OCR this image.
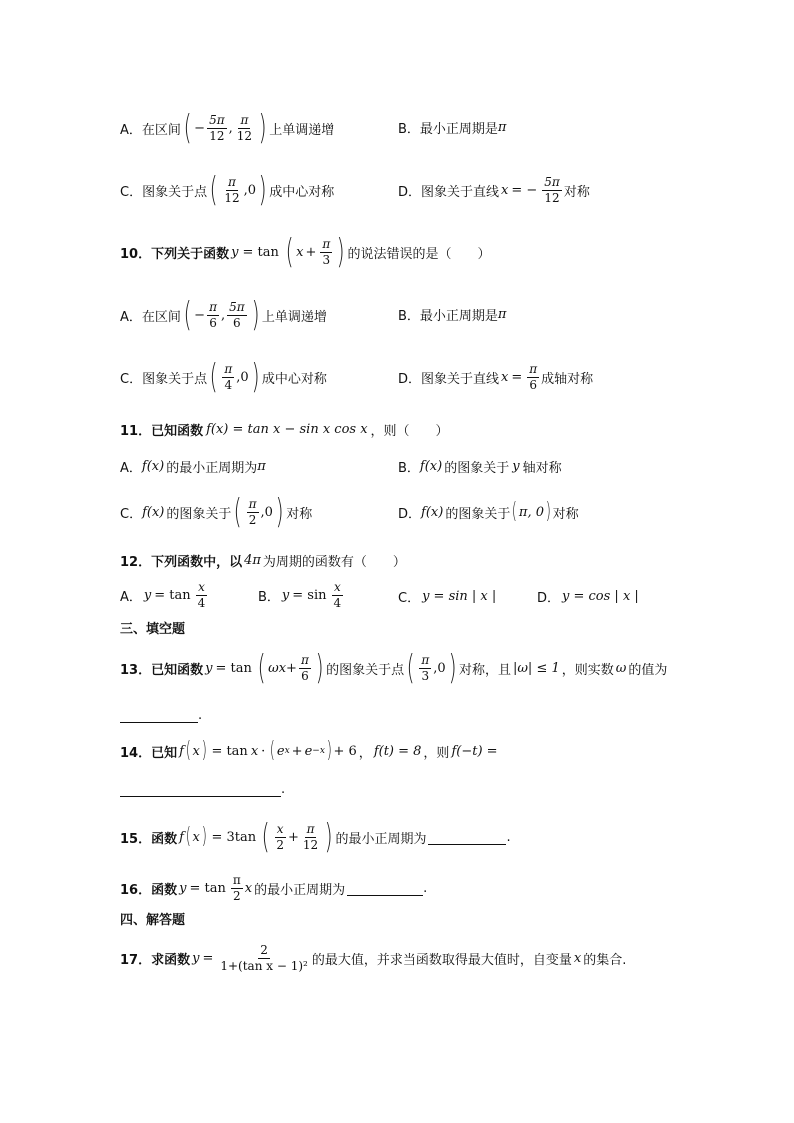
A．在区间 ( − $\frac{5\pi}{12}$ , $\frac{\pi}{12}$ ) 上单调递增	B．最小正周期是 π
C．图象关于点 ( $\frac{\pi}{12} ,0$ ) 成中心对称	D．图象关于直线 x = − $\frac{5\pi}{12}$ 对称
10．下列关于函数 y = tan ( $x + \frac{\pi}{3}$ ) 的说法错误的是（　　）
A．在区间 ( − $\frac{\pi}{6}$ , $\frac{5\pi}{6}$ ) 上单调递增	B．最小正周期是 π
C．图象关于点 ( $\frac{\pi}{4} ,0$ ) 成中心对称	D．图象关于直线 $x = \frac{\pi}{6}$ 成轴对称
11．已知函数 f(x) = tan x − sin x cos x ，则（　　）
A． f(x) 的最小正周期为 π	B． f(x) 的图象关于 y 轴对称
C． f(x) 的图象关于 ( $\frac{\pi}{2} ,0$ ) 对称	D． f(x) 的图象关于 ( π, 0 ) 对称
12．下列函数中，以 4π 为周期的函数有（　　）
A． $y = \tan \frac{x}{4}$	B． $y = \sin \frac{x}{4}$	C． y = sin | x |	D． y = cos | x |
三、填空题
13．已知函数 y = tan ( $\omega x + \frac{\pi}{6}$ ) 的图象关于点 ( $\frac{\pi}{3} ,0$ ) 对称，且 |ω| ≤ 1 ，则实数 ω 的值为
.
14．已知 f ( x ) = tan x · ( e x + e −x ) + 6 ， f(t) = 8 ，则 f(−t) =
.
15．函数 f ( x ) = 3tan ( $\frac{x}{2} + \frac{\pi}{12}$ ) 的最小正周期为	.
16．函数 $y = \tan \frac{\pi}{2}$ x 的最小正周期为	.
四、解答题
17．求函数 $y = \frac{2}{\text{1+(tan x − 1)²}}$ 的最大值，并求当函数取得最大值时，自变量 x 的集合.
